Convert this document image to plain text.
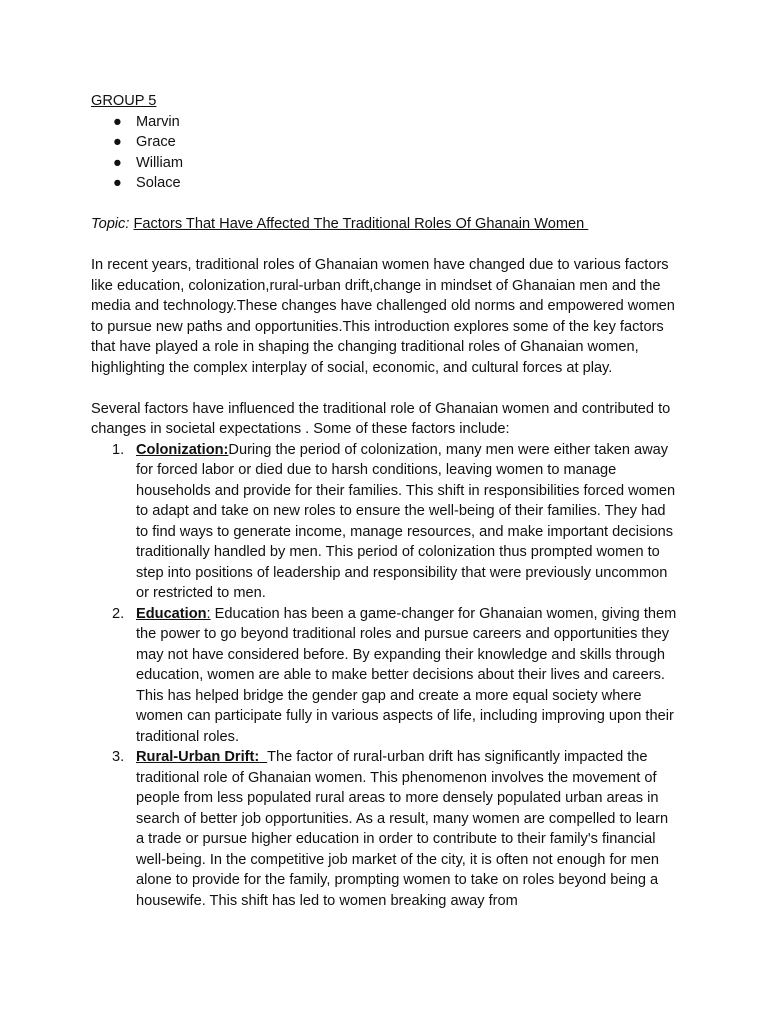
GROUP 5

● Marvin
● Grace
● William
● Solace

Topic: Factors That Have Affected The Traditional Roles Of Ghanain Women

In recent years, traditional roles of Ghanaian women have changed due to various factors like education, colonization,rural-urban drift,change in mindset of Ghanaian men and the media and technology.These changes have challenged old norms and empowered women to pursue new paths and opportunities.This introduction explores some of the key factors that have played a role in shaping the changing traditional roles of Ghanaian women, highlighting the complex interplay of social, economic, and cultural forces at play.

Several factors have influenced the traditional role of Ghanaian women and contributed to changes in societal expectations . Some of these factors include:

1. Colonization:During the period of colonization, many men were either taken away for forced labor or died due to harsh conditions, leaving women to manage households and provide for their families. This shift in responsibilities forced women to adapt and take on new roles to ensure the well-being of their families. They had to find ways to generate income, manage resources, and make important decisions traditionally handled by men. This period of colonization thus prompted women to step into positions of leadership and responsibility that were previously uncommon or restricted to men.
2. Education: Education has been a game-changer for Ghanaian women, giving them the power to go beyond traditional roles and pursue careers and opportunities they may not have considered before. By expanding their knowledge and skills through education, women are able to make better decisions about their lives and careers. This has helped bridge the gender gap and create a more equal society where women can participate fully in various aspects of life, including improving upon their traditional roles.
3. Rural-Urban Drift: The factor of rural-urban drift has significantly impacted the traditional role of Ghanaian women. This phenomenon involves the movement of people from less populated rural areas to more densely populated urban areas in search of better job opportunities. As a result, many women are compelled to learn a trade or pursue higher education in order to contribute to their family's financial well-being. In the competitive job market of the city, it is often not enough for men alone to provide for the family, prompting women to take on roles beyond being a housewife. This shift has led to women breaking away from
